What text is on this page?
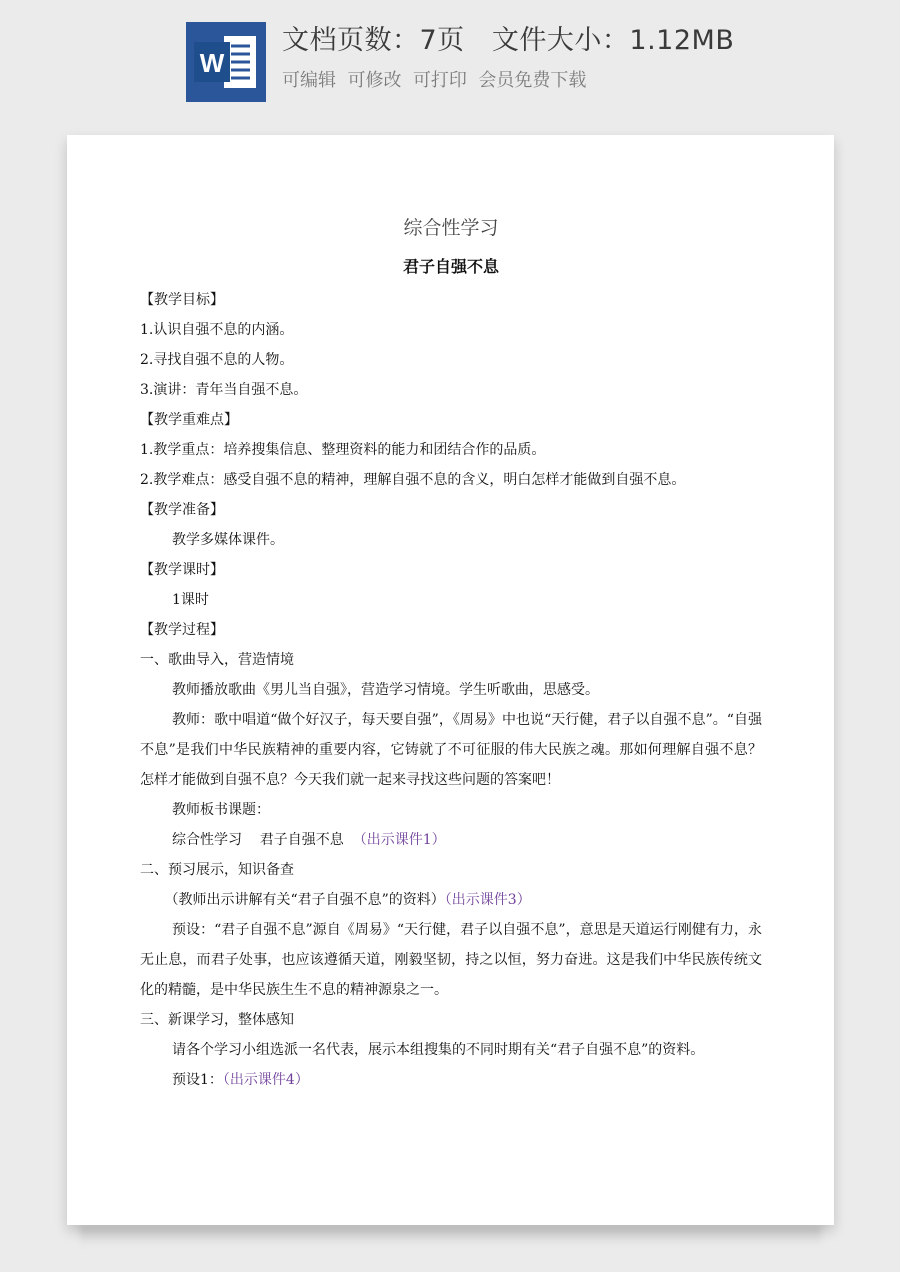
W
文档页数：7页   文件大小：1.12MB
可编辑  可修改  可打印  会员免费下载
综合性学习
君子自强不息
【教学目标】
1.认识自强不息的内涵。
2.寻找自强不息的人物。
3.演讲：青年当自强不息。
【教学重难点】
1.教学重点：培养搜集信息、整理资料的能力和团结合作的品质。
2.教学难点：感受自强不息的精神，理解自强不息的含义，明白怎样才能做到自强不息。
【教学准备】
教学多媒体课件。
【教学课时】
1课时
【教学过程】
一、歌曲导入，营造情境
教师播放歌曲《男儿当自强》，营造学习情境。学生听歌曲，思感受。
教师：歌中唱道“做个好汉子，每天要自强”，《周易》中也说“天行健，君子以自强不息”。“自强不息”是我们中华民族精神的重要内容，它铸就了不可征服的伟大民族之魂。那如何理解自强不息？怎样才能做到自强不息？今天我们就一起来寻找这些问题的答案吧！
教师板书课题：
综合性学习    君子自强不息  （出示课件1）
二、预习展示，知识备查
（教师出示讲解有关“君子自强不息”的资料）（出示课件3）
预设：“君子自强不息”源自《周易》“天行健，君子以自强不息”，意思是天道运行刚健有力，永无止息，而君子处事，也应该遵循天道，刚毅坚韧，持之以恒，努力奋进。这是我们中华民族传统文化的精髓，是中华民族生生不息的精神源泉之一。
三、新课学习，整体感知
请各个学习小组选派一名代表，展示本组搜集的不同时期有关“君子自强不息”的资料。
预设1：（出示课件4）
